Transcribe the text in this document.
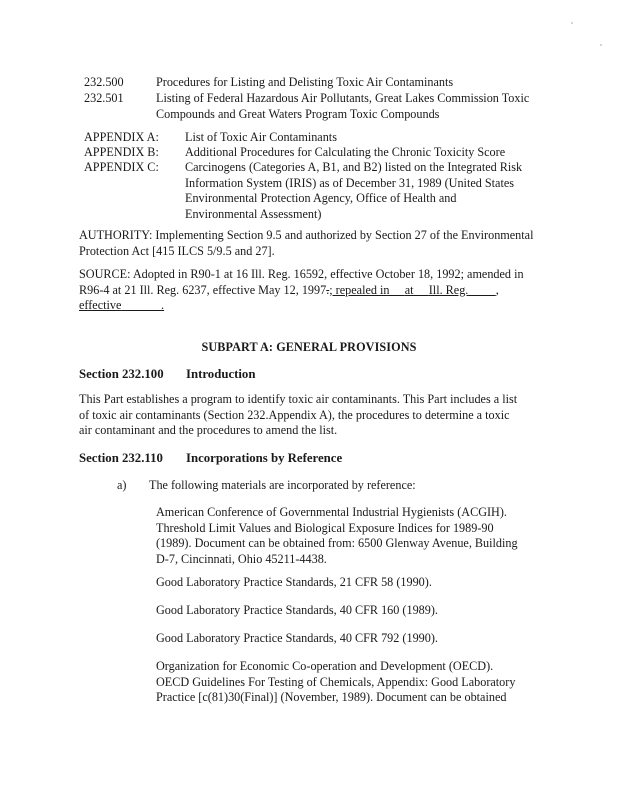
232.500	Procedures for Listing and Delisting Toxic Air Contaminants
232.501	Listing of Federal Hazardous Air Pollutants, Great Lakes Commission Toxic Compounds and Great Waters Program Toxic Compounds
APPENDIX A: List of Toxic Air Contaminants
APPENDIX B: Additional Procedures for Calculating the Chronic Toxicity Score
APPENDIX C: Carcinogens (Categories A, B1, and B2) listed on the Integrated Risk Information System (IRIS) as of December 31, 1989 (United States Environmental Protection Agency, Office of Health and Environmental Assessment)
AUTHORITY: Implementing Section 9.5 and authorized by Section 27 of the Environmental Protection Act [415 ILCS 5/9.5 and 27].
SOURCE: Adopted in R90-1 at 16 Ill. Reg. 16592, effective October 18, 1992; amended in R96-4 at 21 Ill. Reg. 6237, effective May 12, 1997.; repealed in at Ill. Reg. ,
effective	.
SUBPART A: GENERAL PROVISIONS
Section 232.100 Introduction
This Part establishes a program to identify toxic air contaminants. This Part includes a list of toxic air contaminants (Section 232.Appendix A), the procedures to determine a toxic air contaminant and the procedures to amend the list.
Section 232.110 Incorporations by Reference
a) The following materials are incorporated by reference:
American Conference of Governmental Industrial Hygienists (ACGIH). Threshold Limit Values and Biological Exposure Indices for 1989-90 (1989). Document can be obtained from: 6500 Glenway Avenue, Building D-7, Cincinnati, Ohio 45211-4438.
Good Laboratory Practice Standards, 21 CFR 58 (1990).
Good Laboratory Practice Standards, 40 CFR 160 (1989).
Good Laboratory Practice Standards, 40 CFR 792 (1990).
Organization for Economic Co-operation and Development (OECD). OECD Guidelines For Testing of Chemicals, Appendix: Good Laboratory Practice [c(81)30(Final)] (November, 1989). Document can be obtained
